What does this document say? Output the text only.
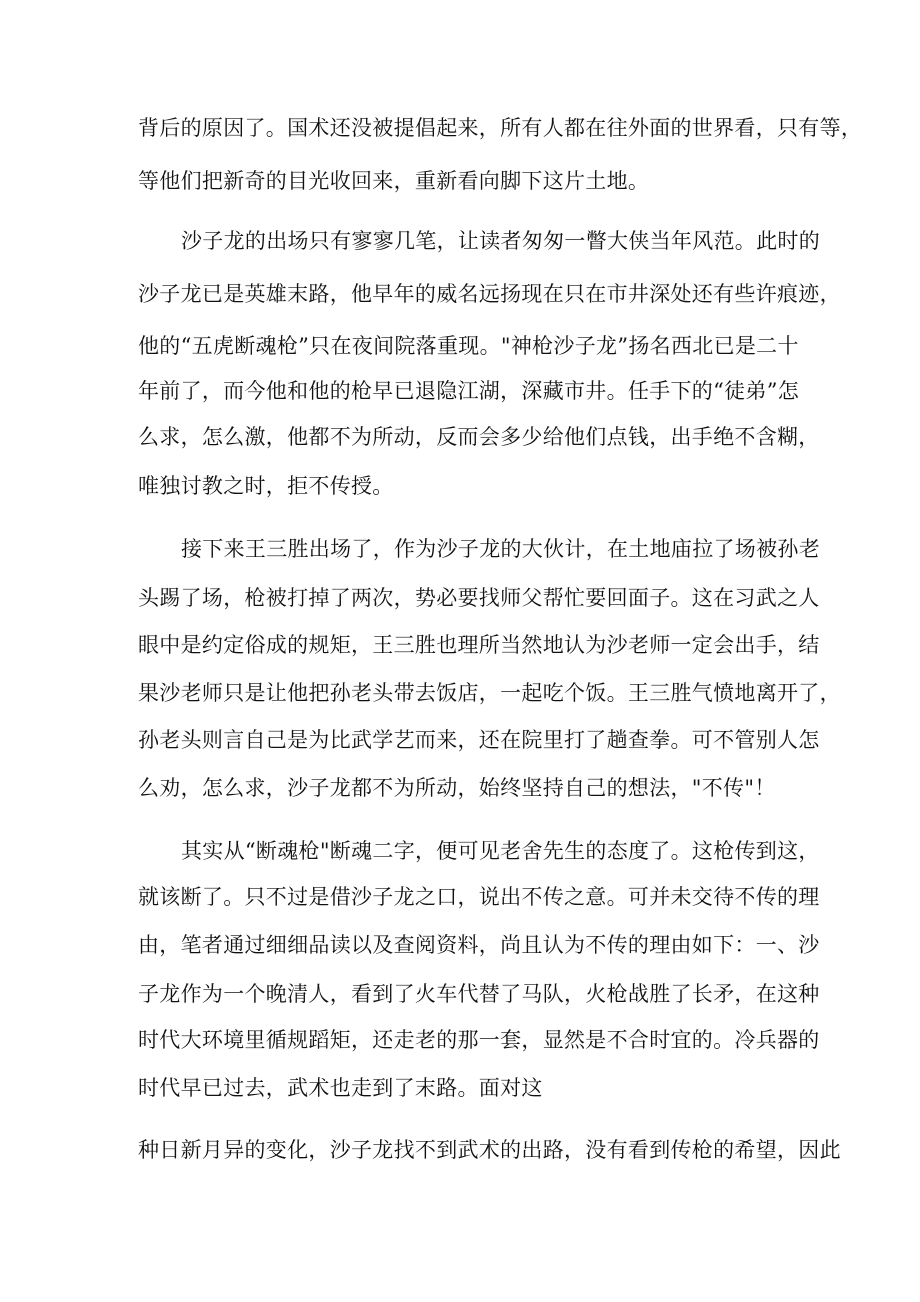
背后的原因了。国术还没被提倡起来，所有人都在往外面的世界看，只有等，
等他们把新奇的目光收回来，重新看向脚下这片土地。
沙子龙的出场只有寥寥几笔，让读者匆匆一瞥大侠当年风范。此时的
沙子龙已是英雄末路，他早年的威名远扬现在只在市井深处还有些许痕迹，
他的“五虎断魂枪”只在夜间院落重现。"神枪沙子龙”扬名西北已是二十
年前了，而今他和他的枪早已退隐江湖，深藏市井。任手下的“徒弟”怎
么求，怎么激，他都不为所动，反而会多少给他们点钱，出手绝不含糊，
唯独讨教之时，拒不传授。
接下来王三胜出场了，作为沙子龙的大伙计，在土地庙拉了场被孙老
头踢了场，枪被打掉了两次，势必要找师父帮忙要回面子。这在习武之人
眼中是约定俗成的规矩，王三胜也理所当然地认为沙老师一定会出手，结
果沙老师只是让他把孙老头带去饭店，一起吃个饭。王三胜气愤地离开了，
孙老头则言自己是为比武学艺而来，还在院里打了趟查拳。可不管别人怎
么劝，怎么求，沙子龙都不为所动，始终坚持自己的想法，"不传"！
其实从“断魂枪"断魂二字，便可见老舍先生的态度了。这枪传到这，
就该断了。只不过是借沙子龙之口，说出不传之意。可并未交待不传的理
由，笔者通过细细品读以及查阅资料，尚且认为不传的理由如下：一、沙
子龙作为一个晚清人，看到了火车代替了马队，火枪战胜了长矛，在这种
时代大环境里循规蹈矩，还走老的那一套，显然是不合时宜的。冷兵器的
时代早已过去，武术也走到了末路。面对这
种日新月异的变化，沙子龙找不到武术的出路，没有看到传枪的希望，因此
